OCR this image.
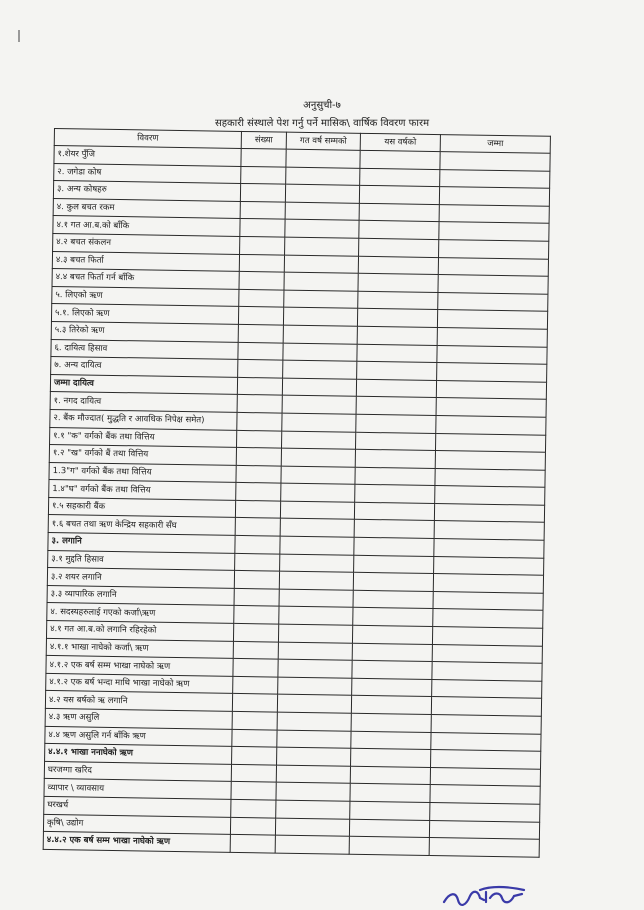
अनुसुची-७
सहकारी संस्थाले पेश गर्नु पर्ने मासिक\ वार्षिक विवरण फारम
विवरण	संख्या	गत वर्ष सम्मको	यस वर्षको	जम्मा
१.शेयर पुँजि				
२. जगेडा कोष				
३. अन्य कोषहरु				
४. कुल बचत रकम				
४.१ गत आ.ब.को बाँकि				
४.२ बचत संकलन				
४.३ बचत फिर्ता				
४.४ बचत फिर्ता गर्न बाँकि				
५. लिएको ऋण				
५.१. लिएको ऋण				
५.३ तिरेको ऋण				
६. दायित्व हिसाव				
७. अन्य दायित्व				
जम्मा दायित्व				
१. नगद दायित्व				
२. बैंक मौज्दात( मुद्धति र आवधिक निपेक्ष समेत)				
१.१ "क" वर्गको बैंक तथा वित्तिय				
१.२ "ख" वर्गको बैं तथा वित्तिय				
1.3"ग" वर्गको बैंक तथा वित्तिय				
1.४"घ" वर्गको बैंक तथा वित्तिय				
१.५ सहकारी बैंक				
१.६ बचत तथा ऋण केन्द्रिय सहकारी सँघ				
३. लगानि				
३.१ मुद्दति हिसाव				
३.२ शयर लगानि				
३.३ व्यापारिक लगानि				
४. सदस्यहरुलाई गएको कर्जा\ऋण				
४.१ गत आ.ब.को लगानि रहिरहेको				
४.१.१ भाखा नाघेको कर्जा\ ऋण				
४.१.२ एक बर्ष सम्म भाखा नाघेको ऋण				
४.१.२ एक बर्ष भन्दा माथि भाखा नाघेको ऋण				
४.२ यस बर्षको ऋ लगानि				
४.३ ऋण असुलि				
४.४ ऋण असुलि गर्न बाँकि ऋण				
४.४.१ भाखा ननाघेको ऋण				
घरजग्गा खरिद				
व्यापार \ व्यावसाय				
घरखर्च				
कृषि\ उद्योग				
४.४.२ एक बर्ष सम्म भाखा नाघेको ऋण				
